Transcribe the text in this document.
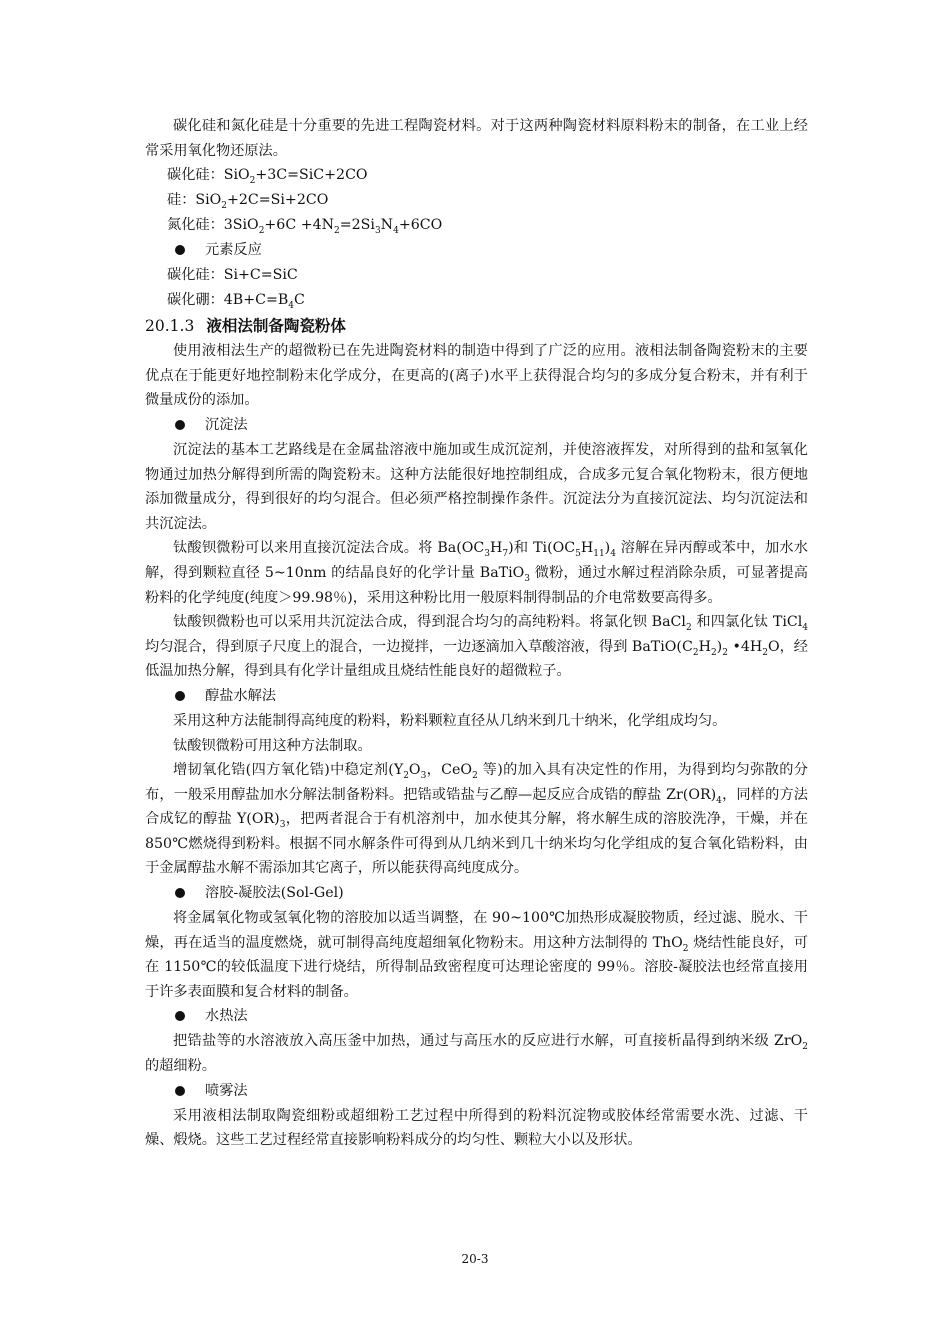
碳化硅和氮化硅是十分重要的先进工程陶瓷材料。对于这两种陶瓷材料原料粉末的制备，在工业上经常采用氧化物还原法。

碳化硅：SiO$_2$+3C=SiC+2CO

硅：SiO$_2$+2C=Si+2CO

氮化硅：$3SiO_2+6C +4N_2=2Si_3N_4+6CO$

元素反应

碳化硅：Si+C=SiC

碳化硼：$4B+C=B_4C$

20.1.3 液相法制备陶瓷粉体

使用液相法生产的超微粉已在先进陶瓷材料的制造中得到了广泛的应用。液相法制备陶瓷粉末的主要优点在于能更好地控制粉末化学成分，在更高的(离子)水平上获得混合均匀的多成分复合粉末，并有利于微量成份的添加。

沉淀法

沉淀法的基本工艺路线是在金属盐溶液中施加或生成沉淀剂，并使溶液挥发，对所得到的盐和氢氧化物通过加热分解得到所需的陶瓷粉末。这种方法能很好地控制组成，合成多元复合氧化物粉末，很方便地添加微量成分，得到很好的均匀混合。但必须严格控制操作条件。沉淀法分为直接沉淀法、均匀沉淀法和共沉淀法。

钛酸钡微粉可以来用直接沉淀法合成。将 $Ba(OC_3H_7)$和 $Ti(OC_5H_{11})_4$ 溶解在异丙醇或苯中，加水水解，得到颗粒直径 5~10nm 的结晶良好的化学计量 BaTiO$_3$ 微粉，通过水解过程消除杂质，可显著提高粉料的化学纯度(纯度＞99.98％)，采用这种粉比用一般原料制得制品的介电常数要高得多。

钛酸钡微粉也可以采用共沉淀法合成，得到混合均匀的高纯粉料。将氯化钡 BaCl$_2$ 和四氯化钛 TiCl$_4$ 均匀混合，得到原子尺度上的混合，一边搅拌，一边逐滴加入草酸溶液，得到 $BaTiO(C_2H_2)_2$ $•4H_2O$，经低温加热分解，得到具有化学计量组成且烧结性能良好的超微粒子。

醇盐水解法

采用这种方法能制得高纯度的粉料，粉料颗粒直径从几纳米到几十纳米，化学组成均匀。

钛酸钡微粉可用这种方法制取。

增韧氧化锆(四方氧化锆)中稳定剂($Y_2O_3$，CeO$_2$ 等)的加入具有决定性的作用，为得到均匀弥散的分布，一般采用醇盐加水分解法制备粉料。把锆或锆盐与乙醇—起反应合成锆的醇盐 $Zr(OR)_4$，同样的方法合成钇的醇盐 $Y(OR)_3$，把两者混合于有机溶剂中，加水使其分解，将水解生成的溶胶洗净，干燥，并在 850℃燃烧得到粉料。根据不同水解条件可得到从几纳米到几十纳米均匀化学组成的复合氧化锆粉料，由于金属醇盐水解不需添加其它离子，所以能获得高纯度成分。

溶胶-凝胶法(Sol-Gel)

将金属氧化物或氢氧化物的溶胶加以适当调整，在 90~100℃加热形成凝胶物质，经过滤、脱水、干燥，再在适当的温度燃烧，就可制得高纯度超细氧化物粉末。用这种方法制得的 ThO$_2$ 烧结性能良好，可在 1150℃的较低温度下进行烧结，所得制品致密程度可达理论密度的 99％。溶胶-凝胶法也经常直接用于许多表面膜和复合材料的制备。

水热法

把锆盐等的水溶液放入高压釜中加热，通过与高压水的反应进行水解，可直接析晶得到纳米级 ZrO$_2$ 的超细粉。

喷雾法

采用液相法制取陶瓷细粉或超细粉工艺过程中所得到的粉料沉淀物或胶体经常需要水洗、过滤、干燥、煅烧。这些工艺过程经常直接影响粉料成分的均匀性、颗粒大小以及形状。

20-3
